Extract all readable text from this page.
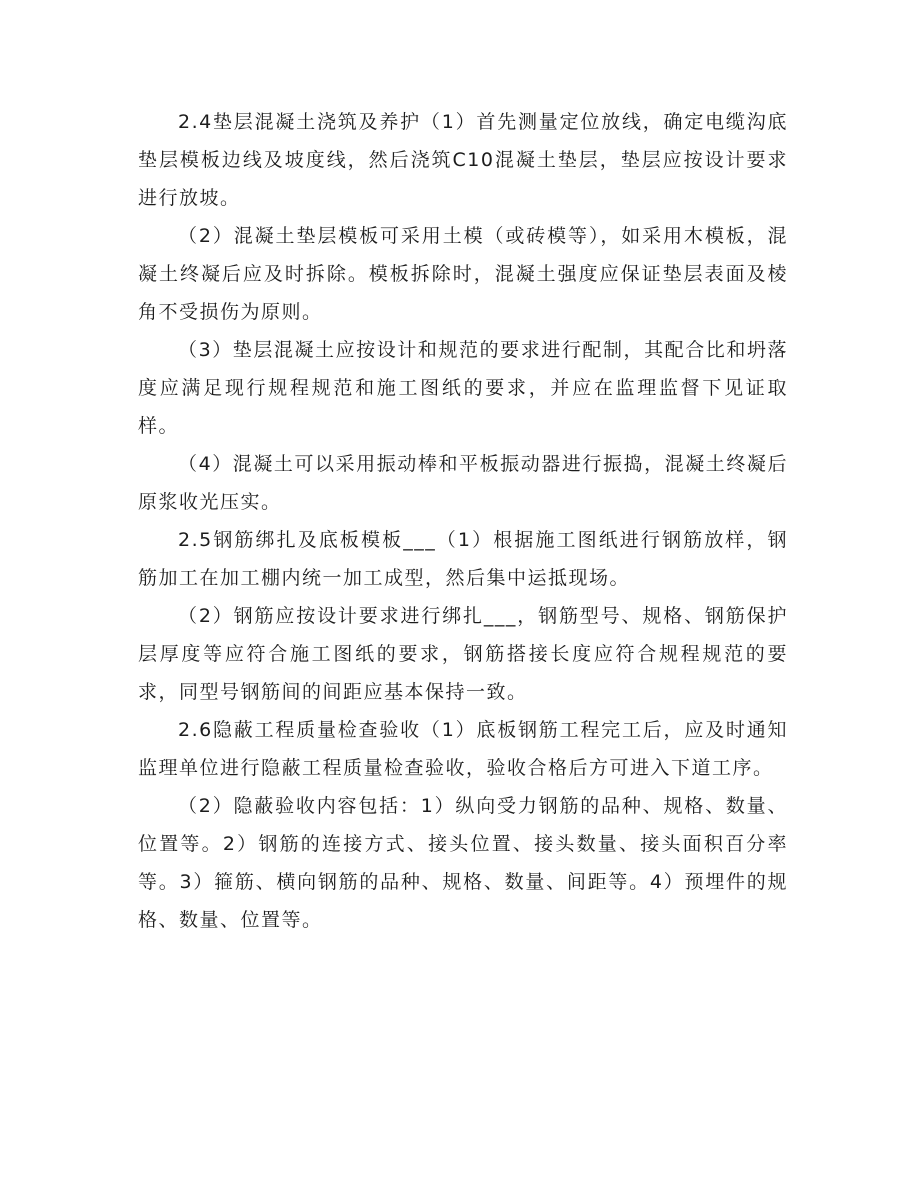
2.4垫层混凝土浇筑及养护（1）首先测量定位放线，确定电缆沟底垫层模板边线及坡度线，然后浇筑C10混凝土垫层，垫层应按设计要求进行放坡。

（2）混凝土垫层模板可采用土模（或砖模等），如采用木模板，混凝土终凝后应及时拆除。模板拆除时，混凝土强度应保证垫层表面及棱角不受损伤为原则。

（3）垫层混凝土应按设计和规范的要求进行配制，其配合比和坍落度应满足现行规程规范和施工图纸的要求，并应在监理监督下见证取样。

（4）混凝土可以采用振动棒和平板振动器进行振捣，混凝土终凝后原浆收光压实。

2.5钢筋绑扎及底板模板___（1）根据施工图纸进行钢筋放样，钢筋加工在加工棚内统一加工成型，然后集中运抵现场。

（2）钢筋应按设计要求进行绑扎___，钢筋型号、规格、钢筋保护层厚度等应符合施工图纸的要求，钢筋搭接长度应符合规程规范的要求，同型号钢筋间的间距应基本保持一致。

2.6隐蔽工程质量检查验收（1）底板钢筋工程完工后，应及时通知监理单位进行隐蔽工程质量检查验收，验收合格后方可进入下道工序。

（2）隐蔽验收内容包括：1）纵向受力钢筋的品种、规格、数量、位置等。2）钢筋的连接方式、接头位置、接头数量、接头面积百分率等。3）箍筋、横向钢筋的品种、规格、数量、间距等。4）预埋件的规格、数量、位置等。
